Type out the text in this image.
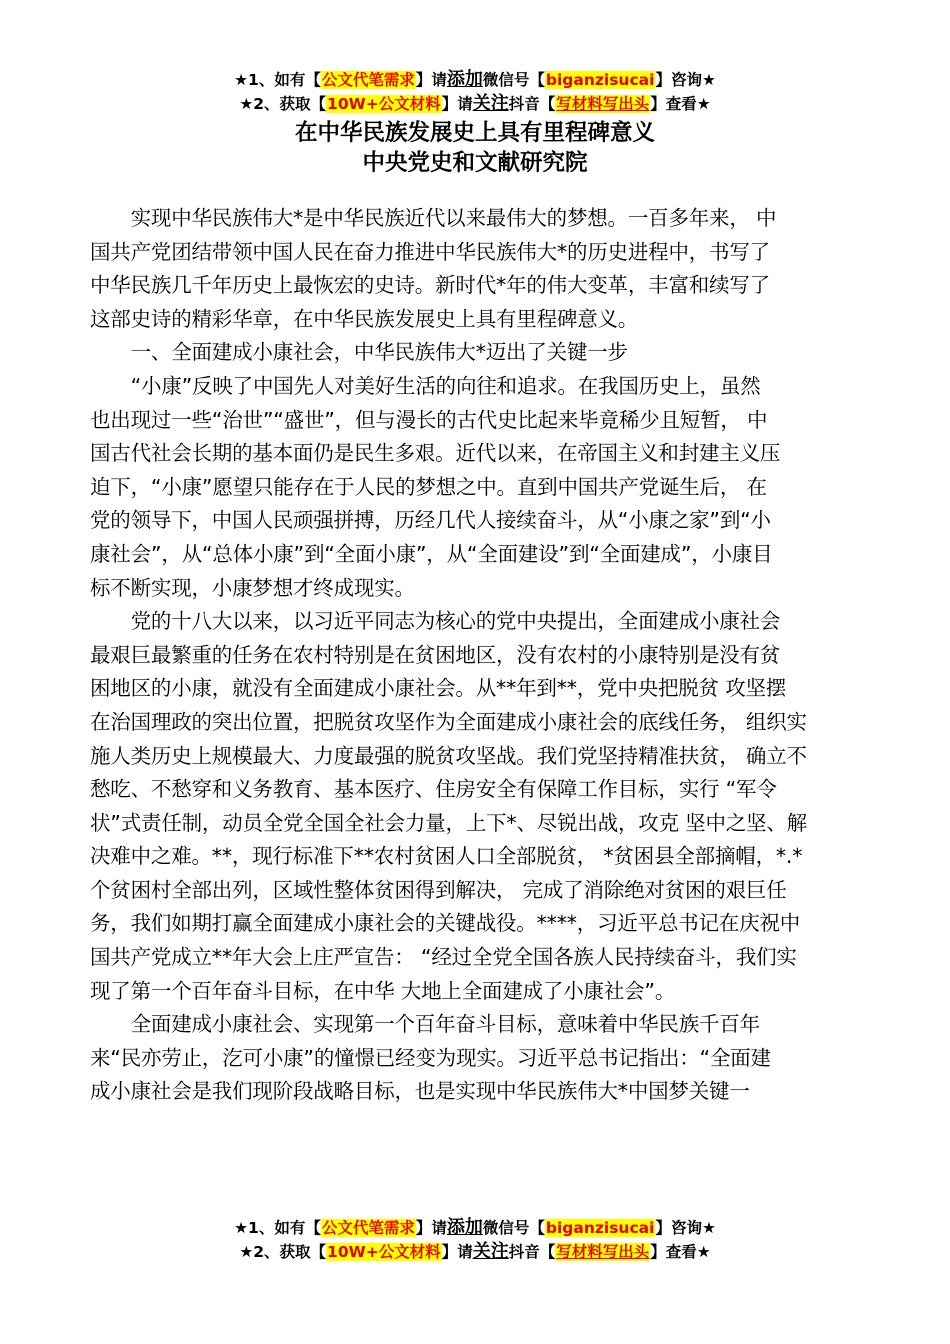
★1、如有【公文代笔需求】请添加微信号【biganzisucai】咨询★
★2、获取【10W+公文材料】请关注抖音【写材料写出头】查看★
在中华民族发展史上具有里程碑意义
中央党史和文献研究院
　　实现中华民族伟大*是中华民族近代以来最伟大的梦想。一百多年来， 中
国共产党团结带领中国人民在奋力推进中华民族伟大*的历史进程中，书写了
中华民族几千年历史上最恢宏的史诗。新时代*年的伟大变革，丰富和续写了
这部史诗的精彩华章，在中华民族发展史上具有里程碑意义。
　　一、全面建成小康社会，中华民族伟大*迈出了关键一步
　　“小康”反映了中国先人对美好生活的向往和追求。在我国历史上，虽然
也出现过一些“治世”“盛世”，但与漫长的古代史比起来毕竟稀少且短暂， 中
国古代社会长期的基本面仍是民生多艰。近代以来，在帝国主义和封建主义压
迫下，“小康”愿望只能存在于人民的梦想之中。直到中国共产党诞生后， 在
党的领导下，中国人民顽强拼搏，历经几代人接续奋斗，从“小康之家”到“小
康社会”，从“总体小康”到“全面小康”，从“全面建设”到“全面建成”，小康目
标不断实现，小康梦想才终成现实。
　　党的十八大以来，以习近平同志为核心的党中央提出，全面建成小康社会
最艰巨最繁重的任务在农村特别是在贫困地区，没有农村的小康特别是没有贫
困地区的小康，就没有全面建成小康社会。从**年到**，党中央把脱贫 攻坚摆
在治国理政的突出位置，把脱贫攻坚作为全面建成小康社会的底线任务， 组织实
施人类历史上规模最大、力度最强的脱贫攻坚战。我们党坚持精准扶贫， 确立不
愁吃、不愁穿和义务教育、基本医疗、住房安全有保障工作目标，实行 “军令
状”式责任制，动员全党全国全社会力量，上下*、尽锐出战，攻克 坚中之坚、解
决难中之难。**，现行标准下**农村贫困人口全部脱贫， *贫困县全部摘帽，*.*
个贫困村全部出列，区域性整体贫困得到解决， 完成了消除绝对贫困的艰巨任
务，我们如期打赢全面建成小康社会的关键战役。****，习近平总书记在庆祝中
国共产党成立**年大会上庄严宣告： “经过全党全国各族人民持续奋斗，我们实
现了第一个百年奋斗目标，在中华 大地上全面建成了小康社会”。
　　全面建成小康社会、实现第一个百年奋斗目标，意味着中华民族千百年
来“民亦劳止，汔可小康”的憧憬已经变为现实。习近平总书记指出：“全面建
成小康社会是我们现阶段战略目标，也是实现中华民族伟大*中国梦关键一
★1、如有【公文代笔需求】请添加微信号【biganzisucai】咨询★
★2、获取【10W+公文材料】请关注抖音【写材料写出头】查看★
